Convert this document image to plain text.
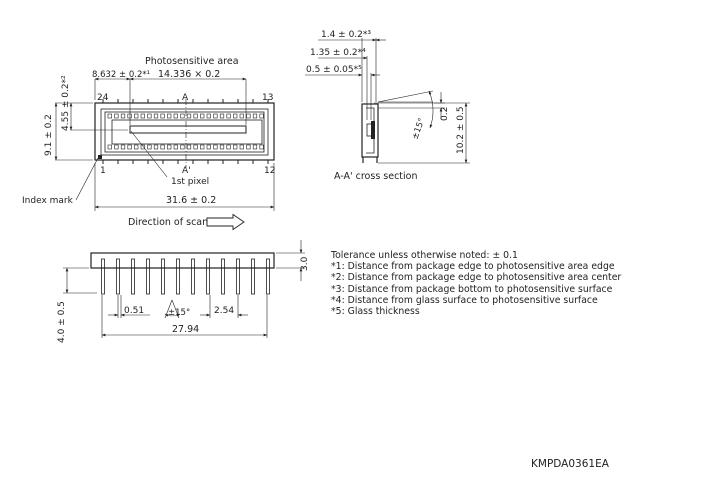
Photosensitive area
8.632 ± 0.2*¹ 14.336 × 0.2
24	13
A
1	12
A'
4.55 ± 0.2*²
9.1 ± 0.2
1st pixel
Index mark	31.6 ± 0.2
Direction of scan
1.4 ± 0.2*³
1.35 ± 0.2*⁴
0.5 ± 0.05*⁵
±15°
0.2 10.2 ± 0.5
A-A' cross section
3.0
4.0 ± 0.5	0.51	±15°	2.54
27.94
Tolerance unless otherwise noted: ± 0.1
*1: Distance from package edge to photosensitive area edge
*2: Distance from package edge to photosensitive area center
*3: Distance from package bottom to photosensitive surface
*4: Distance from glass surface to photosensitive surface
*5: Glass thickness
KMPDA0361EA
